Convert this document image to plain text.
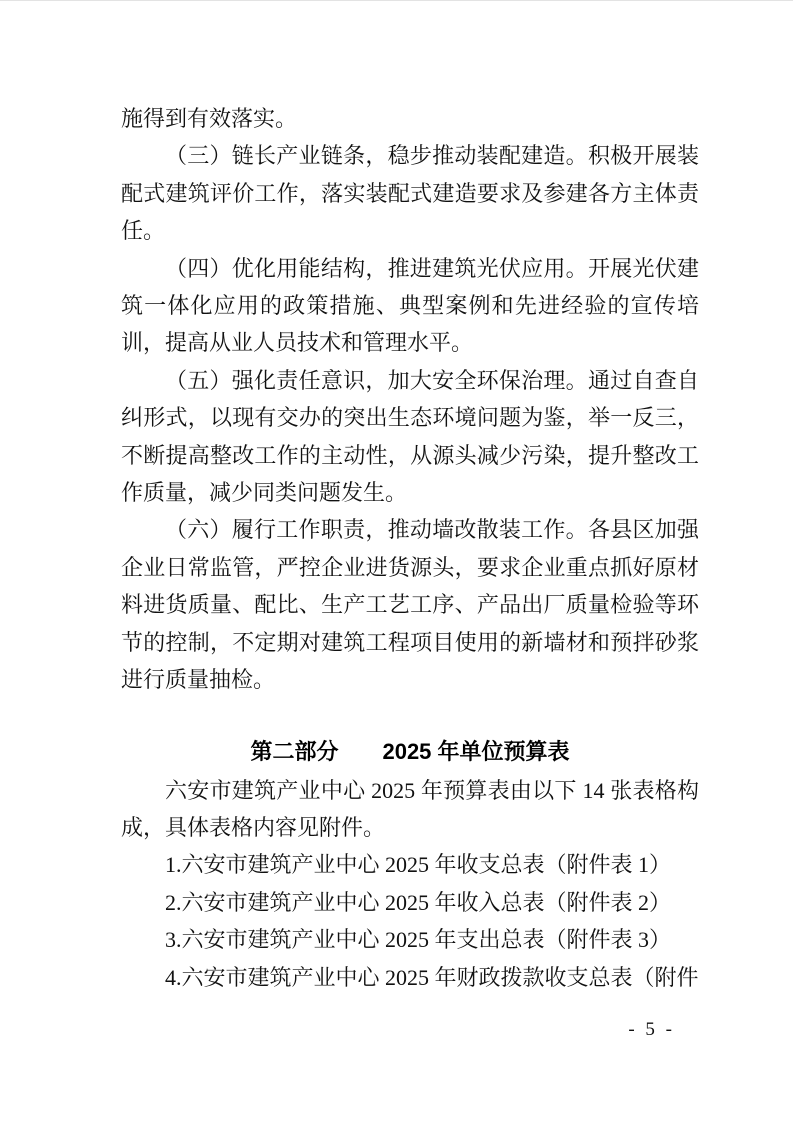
施得到有效落实。

（三）链长产业链条，稳步推动装配建造。积极开展装配式建筑评价工作，落实装配式建造要求及参建各方主体责任。

（四）优化用能结构，推进建筑光伏应用。开展光伏建筑一体化应用的政策措施、典型案例和先进经验的宣传培训，提高从业人员技术和管理水平。

（五）强化责任意识，加大安全环保治理。通过自查自纠形式，以现有交办的突出生态环境问题为鉴，举一反三，不断提高整改工作的主动性，从源头减少污染，提升整改工作质量，减少同类问题发生。

（六）履行工作职责，推动墙改散装工作。各县区加强企业日常监管，严控企业进货源头，要求企业重点抓好原材料进货质量、配比、生产工艺工序、产品出厂质量检验等环节的控制，不定期对建筑工程项目使用的新墙材和预拌砂浆进行质量抽检。

第二部分　　2025 年单位预算表

六安市建筑产业中心 2025 年预算表由以下 14 张表格构成，具体表格内容见附件。

1.六安市建筑产业中心 2025 年收支总表（附件表 1）

2.六安市建筑产业中心 2025 年收入总表（附件表 2）

3.六安市建筑产业中心 2025 年支出总表（附件表 3）

4.六安市建筑产业中心 2025 年财政拨款收支总表（附件

- 5 -
